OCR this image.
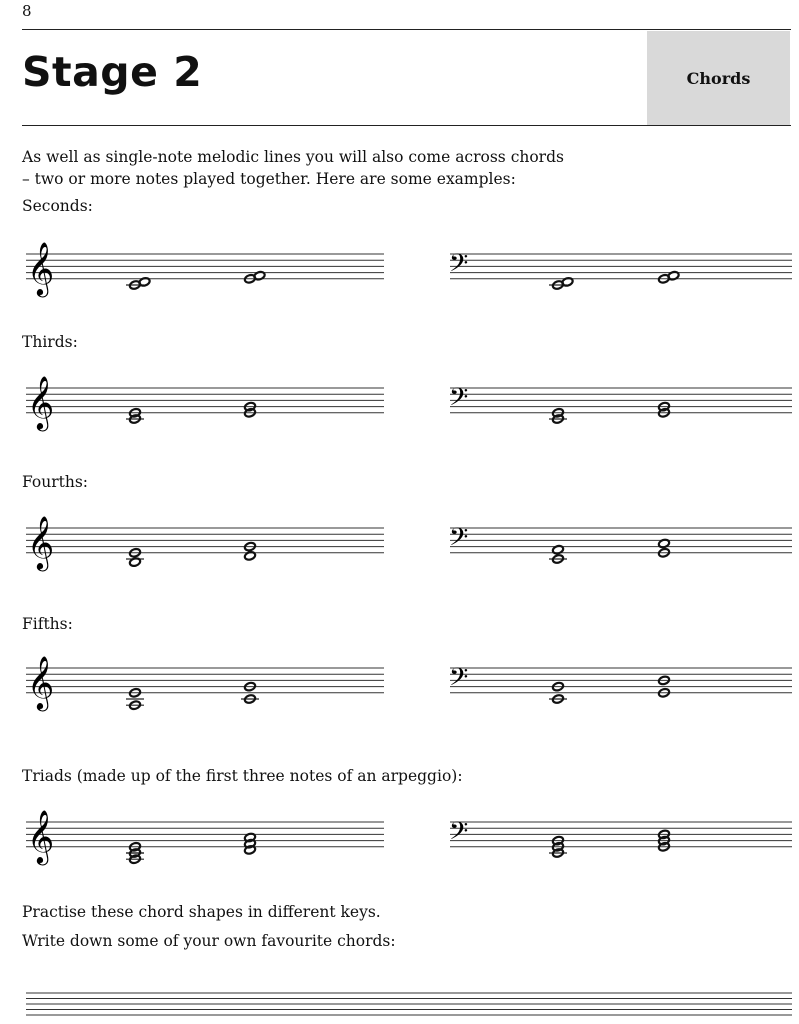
8
Stage 2	Chords
As well as single-note melodic lines you will also come across chords
– two or more notes played together. Here are some examples:
Seconds:
Thirds:
Fourths:
Fifths:
Triads (made up of the first three notes of an arpeggio):
Practise these chord shapes in different keys.
Write down some of your own favourite chords:
𝄞	𝄢
𝄞	𝄢
𝄞	𝄢
𝄞	𝄢
𝄞	𝄢
